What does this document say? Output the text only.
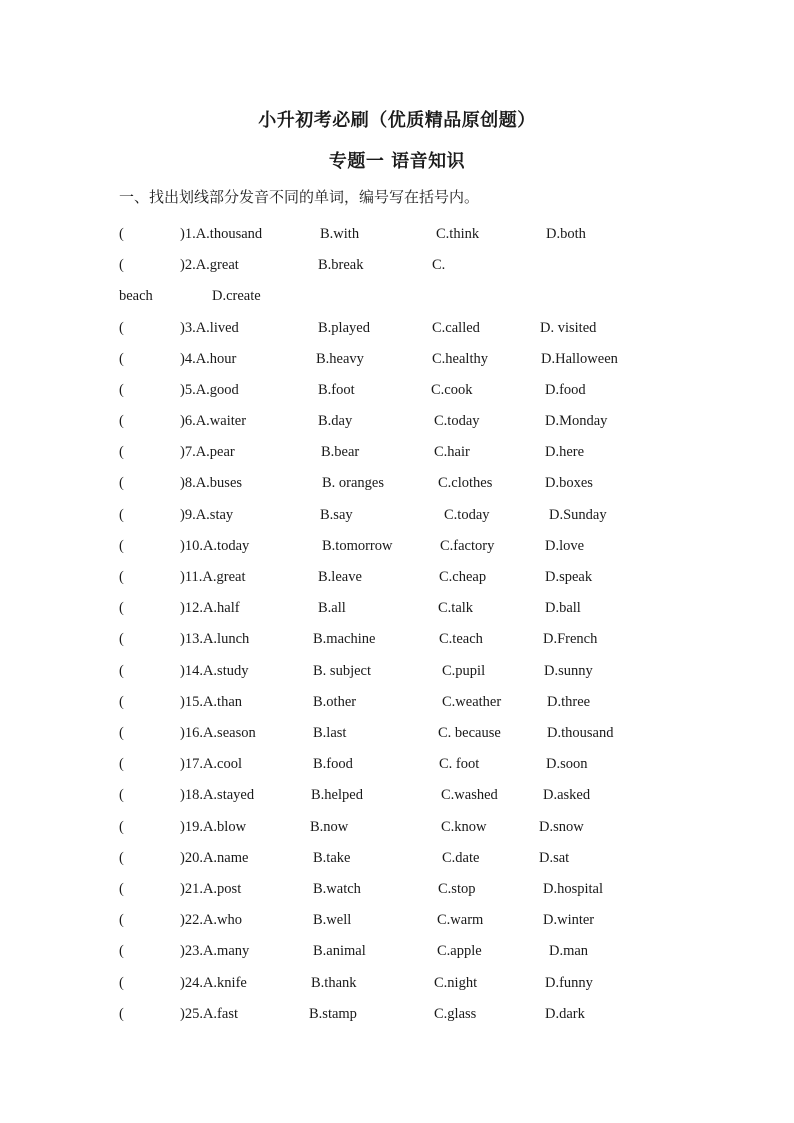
小升初考必刷（优质精品原创题）
专题一 语音知识
一、找出划线部分发音不同的单词，编号写在括号内。
(	)1.A.thousand	B.with	C.think	D.both
(	)2.A.great	B.break	C.
beach	D.create
(	)3.A.lived	B.played	C.called	D. visited
(	)4.A.hour	B.heavy	C.healthy	D.Halloween
(	)5.A.good	B.foot	C.cook	D.food
(	)6.A.waiter	B.day	C.today	D.Monday
(	)7.A.pear	B.bear	C.hair	D.here
(	)8.A.buses	B. oranges	C.clothes	D.boxes
(	)9.A.stay	B.say	C.today	D.Sunday
(	)10.A.today	B.tomorrow	C.factory	D.love
(	)11.A.great	B.leave	C.cheap	D.speak
(	)12.A.half	B.all	C.talk	D.ball
(	)13.A.lunch	B.machine	C.teach	D.French
(	)14.A.study	B. subject	C.pupil	D.sunny
(	)15.A.than	B.other	C.weather	D.three
(	)16.A.season	B.last	C. because	D.thousand
(	)17.A.cool	B.food	C. foot	D.soon
(	)18.A.stayed	B.helped	C.washed	D.asked
(	)19.A.blow	B.now	C.know	D.snow
(	)20.A.name	B.take	C.date	D.sat
(	)21.A.post	B.watch	C.stop	D.hospital
(	)22.A.who	B.well	C.warm	D.winter
(	)23.A.many	B.animal	C.apple	D.man
(	)24.A.knife	B.thank	C.night	D.funny
(	)25.A.fast	B.stamp	C.glass	D.dark
